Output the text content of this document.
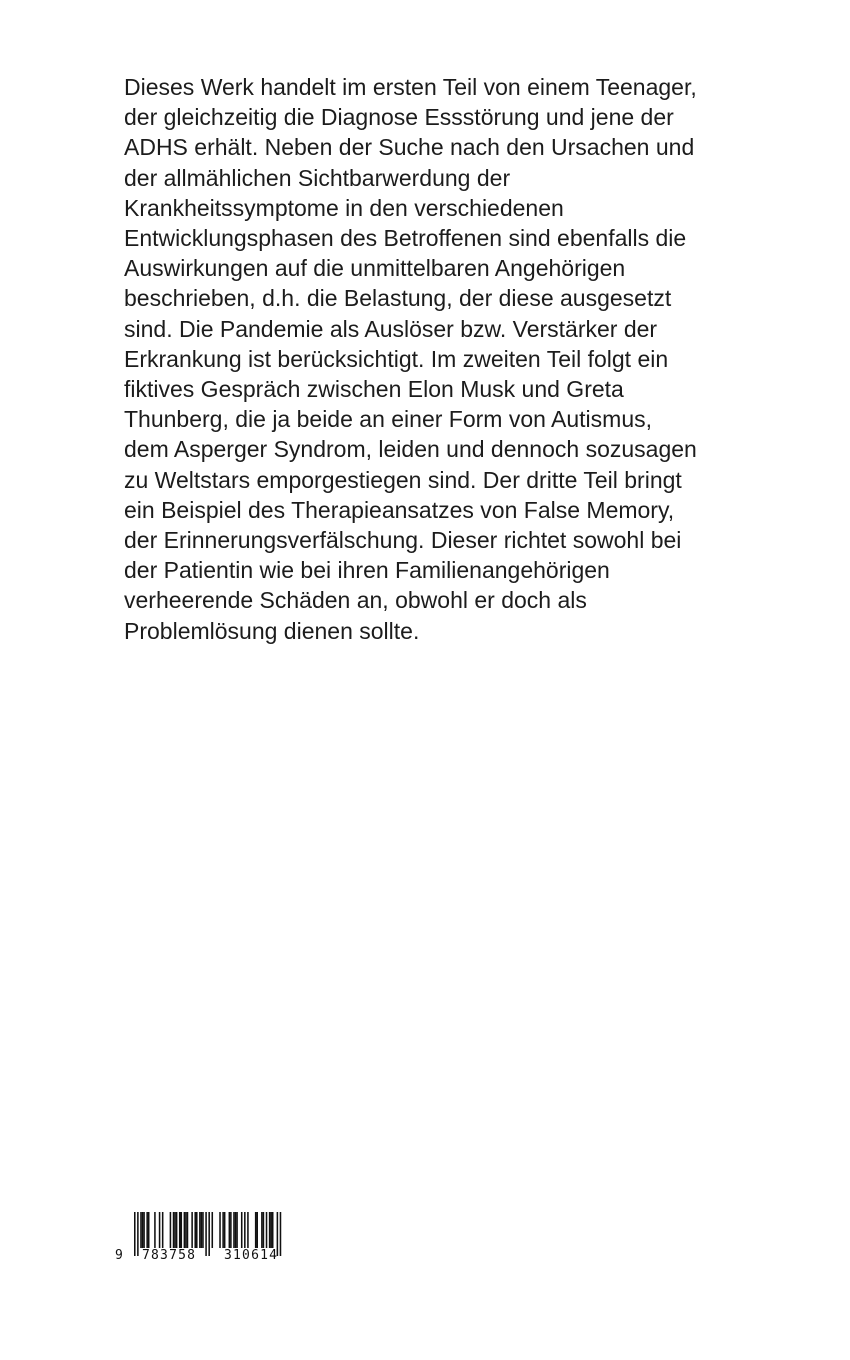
Dieses Werk handelt im ersten Teil von einem Teenager,
der gleichzeitig die Diagnose Essstörung und jene der
ADHS erhält. Neben der Suche nach den Ursachen und
der allmählichen Sichtbarwerdung der
Krankheitssymptome in den verschiedenen
Entwicklungsphasen des Betroffenen sind ebenfalls die
Auswirkungen auf die unmittelbaren Angehörigen
beschrieben, d.h. die Belastung, der diese ausgesetzt
sind. Die Pandemie als Auslöser bzw. Verstärker der
Erkrankung ist berücksichtigt. Im zweiten Teil folgt ein
fiktives Gespräch zwischen Elon Musk und Greta
Thunberg, die ja beide an einer Form von Autismus,
dem Asperger Syndrom, leiden und dennoch sozusagen
zu Weltstars emporgestiegen sind. Der dritte Teil bringt
ein Beispiel des Therapieansatzes von False Memory,
der Erinnerungsverfälschung. Dieser richtet sowohl bei
der Patientin wie bei ihren Familienangehörigen
verheerende Schäden an, obwohl er doch als
Problemlösung dienen sollte.

9 783758 310614
